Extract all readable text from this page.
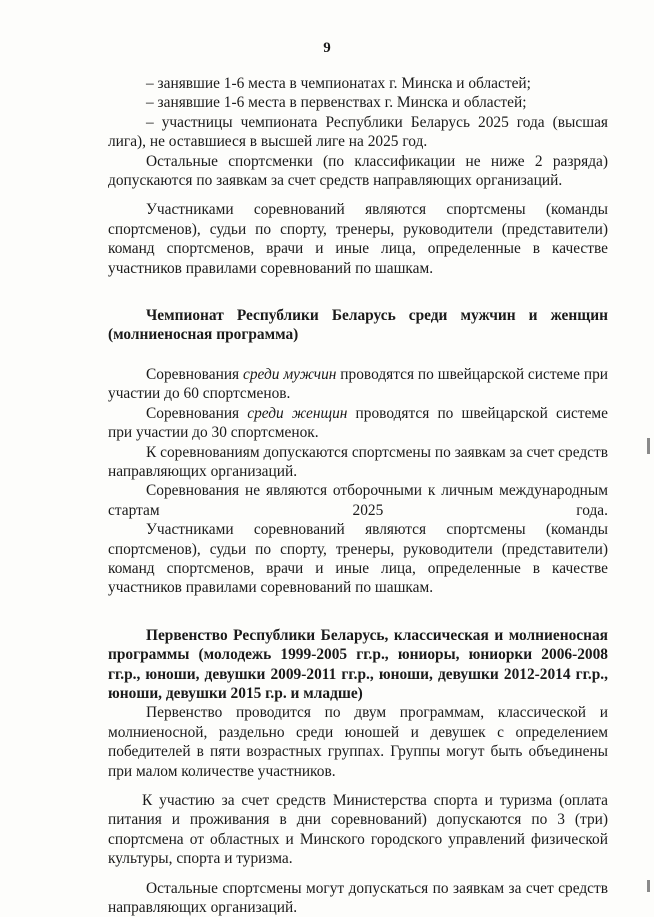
9

– занявшие 1-6 места в чемпионатах г. Минска и областей;

– занявшие 1-6 места в первенствах г. Минска и областей;

– участницы чемпионата Республики Беларусь 2025 года (высшая лига), не оставшиеся в высшей лиге на 2025 год.

Остальные спортсменки (по классификации не ниже 2 разряда) допускаются по заявкам за счет средств направляющих организаций.

Участниками соревнований являются спортсмены (команды спортсменов), судьи по спорту, тренеры, руководители (представители) команд спортсменов, врачи и иные лица, определенные в качестве участников правилами соревнований по шашкам.

Чемпионат Республики Беларусь среди мужчин и женщин (молниеносная программа)

Соревнования среди мужчин проводятся по швейцарской системе при участии до 60 спортсменов.

Соревнования среди женщин проводятся по швейцарской системе при участии до 30 спортсменок.

К соревнованиям допускаются спортсмены по заявкам за счет средств направляющих организаций.

Соревнования не являются отборочными к личным международным стартам 2025 года.

Участниками соревнований являются спортсмены (команды спортсменов), судьи по спорту, тренеры, руководители (представители) команд спортсменов, врачи и иные лица, определенные в качестве участников правилами соревнований по шашкам.

Первенство Республики Беларусь, классическая и молниеносная программы (молодежь 1999-2005 гг.р., юниоры, юниорки 2006-2008 гг.р., юноши, девушки 2009-2011 гг.р., юноши, девушки 2012-2014 гг.р., юноши, девушки 2015 г.р. и младше)

Первенство проводится по двум программам, классической и молниеносной, раздельно среди юношей и девушек с определением победителей в пяти возрастных группах. Группы могут быть объединены при малом количестве участников.

К участию за счет средств Министерства спорта и туризма (оплата питания и проживания в дни соревнований) допускаются по 3 (три) спортсмена от областных и Минского городского управлений физической культуры, спорта и туризма.

Остальные спортсмены могут допускаться по заявкам за счет средств направляющих организаций.
